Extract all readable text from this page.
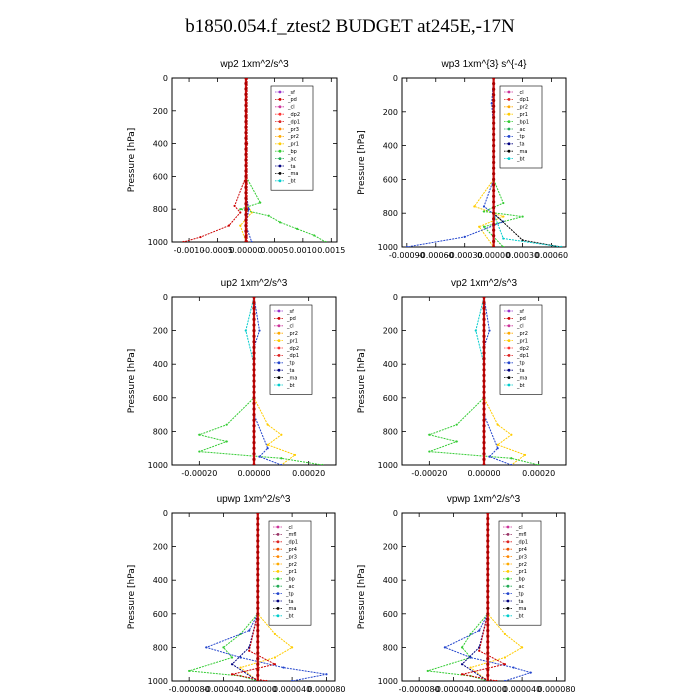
b1850.054.f_ztest2 BUDGET at245E,-17N
wp2 1xm^2/s^3
0
200
400
600
800
1000
Pressure [hPa]
-0.0010
-0.0005
0.00000
0.0005 0.0010 0.0015
_sf
_pd
_cl
_dp2
_dp1
_pr3
_pr2
_pr1
_bp
_ac
_ta
_ma
_bt
wp3 1xm^{3} s^{-4}
0
200
400
600
800
1000
Pressure [hPa]
-0.00090
-0.00060
-0.00030
0.00000
0.00030
0.00060
_cl
_dp1
_pr2
_pr1
_bp1
_ac
_tp
_ta
_ma
_bt
up2 1xm^2/s^3
0
200
400
600
800
1000
Pressure [hPa]
-0.00020	0.00000	0.00020
_sf
_pd
_cl
_pr2
_pr1
_dp2
_dp1
_tp
_ta
_ma
_bt
vp2 1xm^2/s^3
0
200
400
600
800
1000
Pressure [hPa]
-0.00020	0.00000	0.00020
_sf
_pd
_cl
_pr2
_pr1
_dp2
_dp1
_tp
_ta
_ma
_bt
upwp 1xm^2/s^3
0
200
400
600
800
1000
Pressure [hPa]
-0.000080
-0.000040
0.000000
0.000040
0.000080
_cl
_mfl
_dp1
_pr4
_pr3
_pr2
_pr1
_bp
_ac
_tp
_ta
_ma
_bt
vpwp 1xm^2/s^3
0
200
400
600
800
1000
Pressure [hPa]
-0.000080
-0.000040
0.000000
0.000040
0.000080
_cl
_mfl
_dp1
_pr4
_pr3
_pr2
_pr1
_bp
_ac
_tp
_ta
_ma
_bt
